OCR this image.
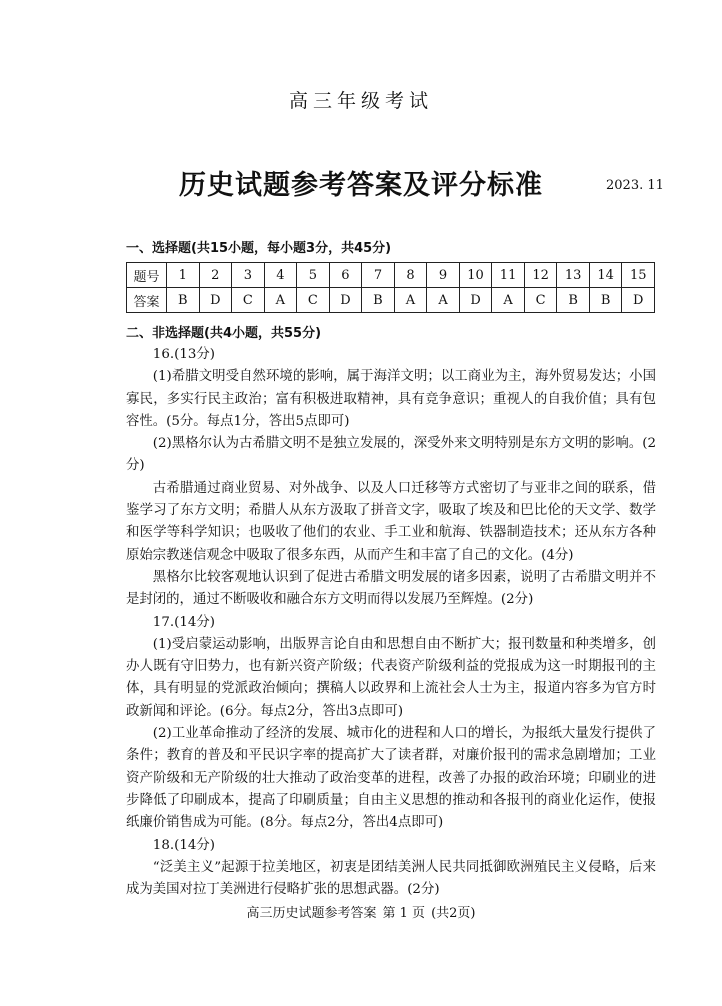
高三年级考试
历史试题参考答案及评分标准	2023. 11
一、选择题(共15小题，每小题3分，共45分)
题号	1	2	3	4	5	6	7	8	9	10	11	12	13	14	15
答案	B	D	C	A	C	D	B	A	A	D	A	C	B	B	D
二、非选择题(共4小题，共55分)

16.(13分)

(1)希腊文明受自然环境的影响，属于海洋文明；以工商业为主，海外贸易发达；小国寡民，多实行民主政治；富有积极进取精神，具有竞争意识；重视人的自我价值；具有包容性。(5分。每点1分，答出5点即可)

(2)黑格尔认为古希腊文明不是独立发展的，深受外来文明特别是东方文明的影响。(2分)

古希腊通过商业贸易、对外战争、以及人口迁移等方式密切了与亚非之间的联系，借鉴学习了东方文明；希腊人从东方汲取了拼音文字，吸取了埃及和巴比伦的天文学、数学和医学等科学知识；也吸收了他们的农业、手工业和航海、铁器制造技术；还从东方各种原始宗教迷信观念中吸取了很多东西，从而产生和丰富了自己的文化。(4分)

黑格尔比较客观地认识到了促进古希腊文明发展的诸多因素，说明了古希腊文明并不是封闭的，通过不断吸收和融合东方文明而得以发展乃至辉煌。(2分)

17.(14分)

(1)受启蒙运动影响，出版界言论自由和思想自由不断扩大；报刊数量和种类增多，创办人既有守旧势力，也有新兴资产阶级；代表资产阶级利益的党报成为这一时期报刊的主体，具有明显的党派政治倾向；撰稿人以政界和上流社会人士为主，报道内容多为官方时政新闻和评论。(6分。每点2分，答出3点即可)

(2)工业革命推动了经济的发展、城市化的进程和人口的增长，为报纸大量发行提供了条件；教育的普及和平民识字率的提高扩大了读者群，对廉价报刊的需求急剧增加；工业资产阶级和无产阶级的壮大推动了政治变革的进程，改善了办报的政治环境；印刷业的进步降低了印刷成本，提高了印刷质量；自由主义思想的推动和各报刊的商业化运作，使报纸廉价销售成为可能。(8分。每点2分，答出4点即可)

18.(14分)

“泛美主义”起源于拉美地区，初衷是团结美洲人民共同抵御欧洲殖民主义侵略，后来成为美国对拉丁美洲进行侵略扩张的思想武器。(2分)

高三历史试题参考答案 第 1 页 (共2页)
